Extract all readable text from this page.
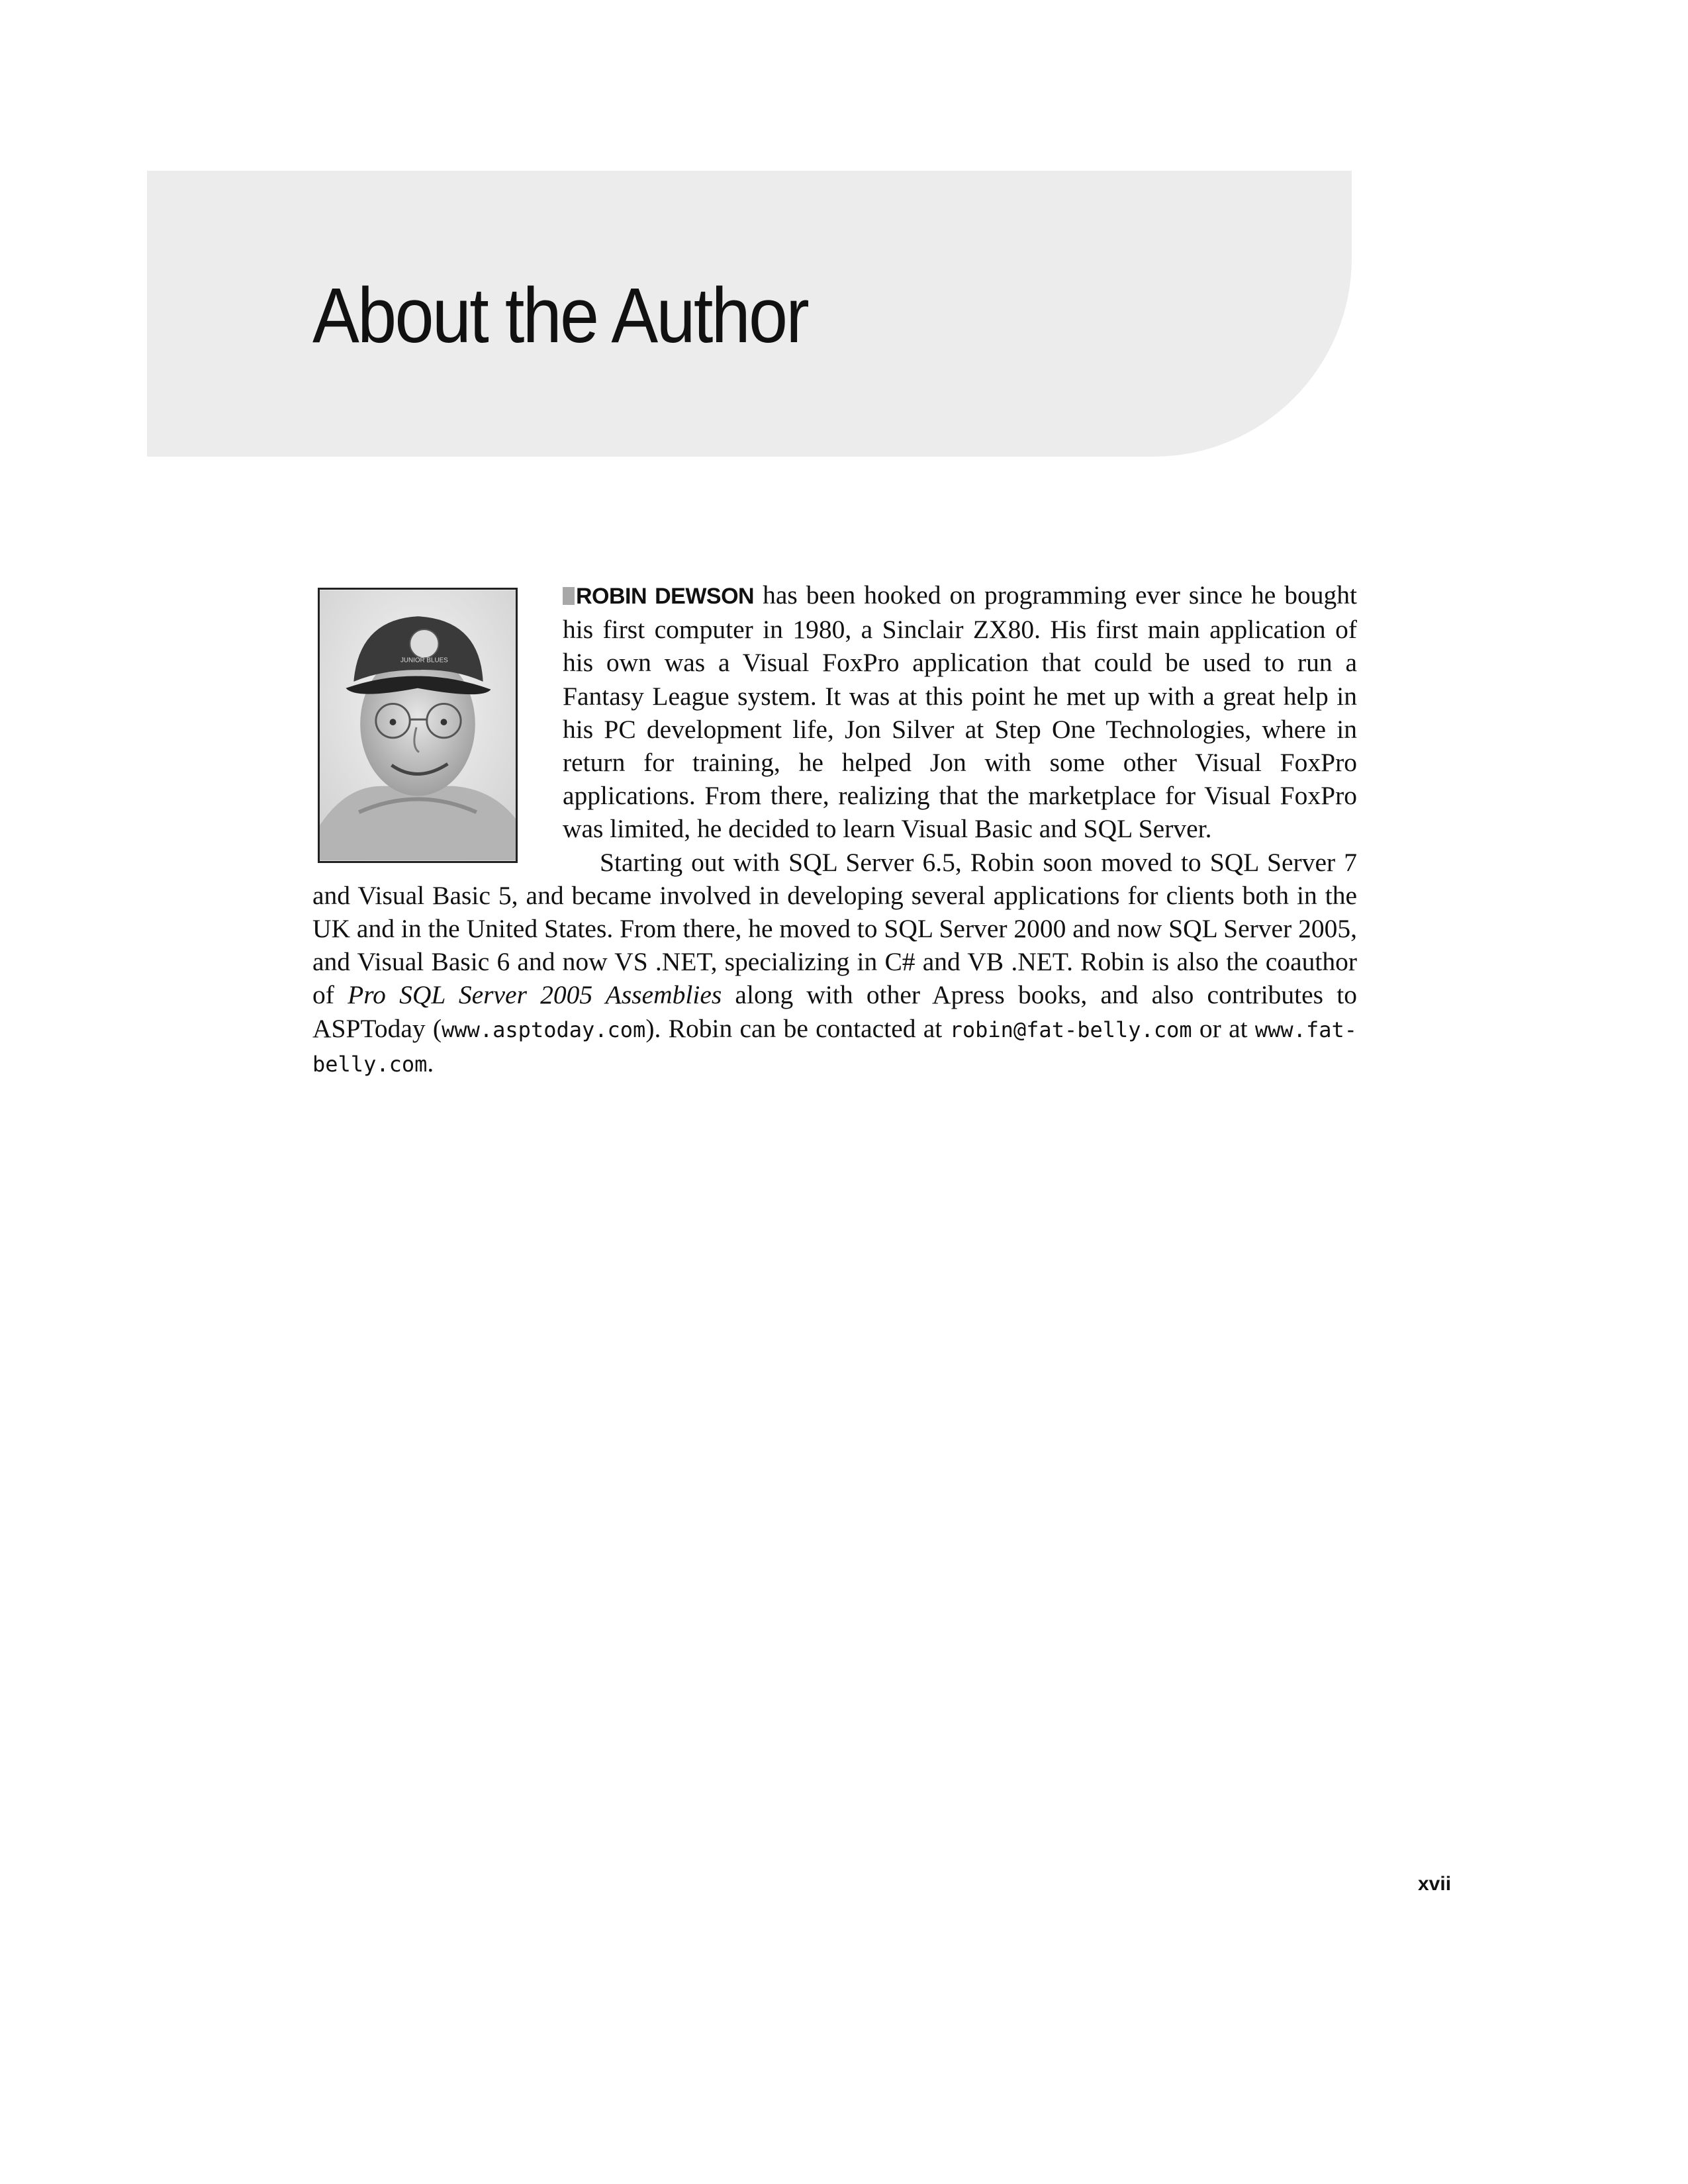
About the Author
JUNIOR BLUES

ROBIN DEWSON has been hooked on programming ever since he bought his first computer in 1980, a Sinclair ZX80. His first main application of his own was a Visual FoxPro application that could be used to run a Fantasy League system. It was at this point he met up with a great help in his PC development life, Jon Silver at Step One Technologies, where in return for training, he helped Jon with some other Visual FoxPro applications. From there, realizing that the marketplace for Visual FoxPro was limited, he decided to learn Visual Basic and SQL Server.

Starting out with SQL Server 6.5, Robin soon moved to SQL Server 7 and Visual Basic 5, and became involved in developing several applications for clients both in the UK and in the United States. From there, he moved to SQL Server 2000 and now SQL Server 2005, and Visual Basic 6 and now VS .NET, specializing in C# and VB .NET. Robin is also the coauthor of Pro SQL Server 2005 Assemblies along with other Apress books, and also contributes to ASPToday (www.asptoday.com). Robin can be contacted at robin@fat-belly.com or at www.fat-belly.com.

xvii
